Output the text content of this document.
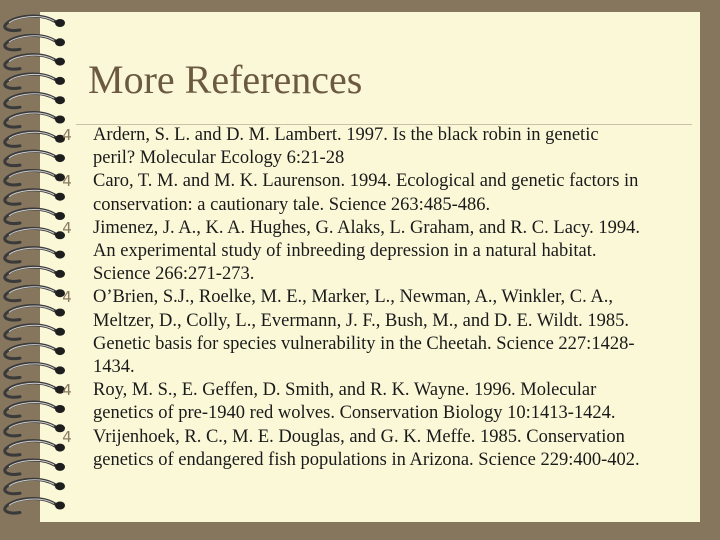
More References
4 Ardern, S. L. and D. M. Lambert. 1997. Is the black robin in genetic
peril? Molecular Ecology 6:21-28
4 Caro, T. M. and M. K. Laurenson. 1994. Ecological and genetic factors in
conservation: a cautionary tale. Science 263:485-486.
4 Jimenez, J. A., K. A. Hughes, G. Alaks, L. Graham, and R. C. Lacy. 1994.
An experimental study of inbreeding depression in a natural habitat.
Science 266:271-273.
4 O’Brien, S.J., Roelke, M. E., Marker, L., Newman, A., Winkler, C. A.,
Meltzer, D., Colly, L., Evermann, J. F., Bush, M., and D. E. Wildt. 1985.
Genetic basis for species vulnerability in the Cheetah. Science 227:1428-
1434.
4 Roy, M. S., E. Geffen, D. Smith, and R. K. Wayne. 1996. Molecular
genetics of pre-1940 red wolves. Conservation Biology 10:1413-1424.
4 Vrijenhoek, R. C., M. E. Douglas, and G. K. Meffe. 1985. Conservation
genetics of endangered fish populations in Arizona. Science 229:400-402.
